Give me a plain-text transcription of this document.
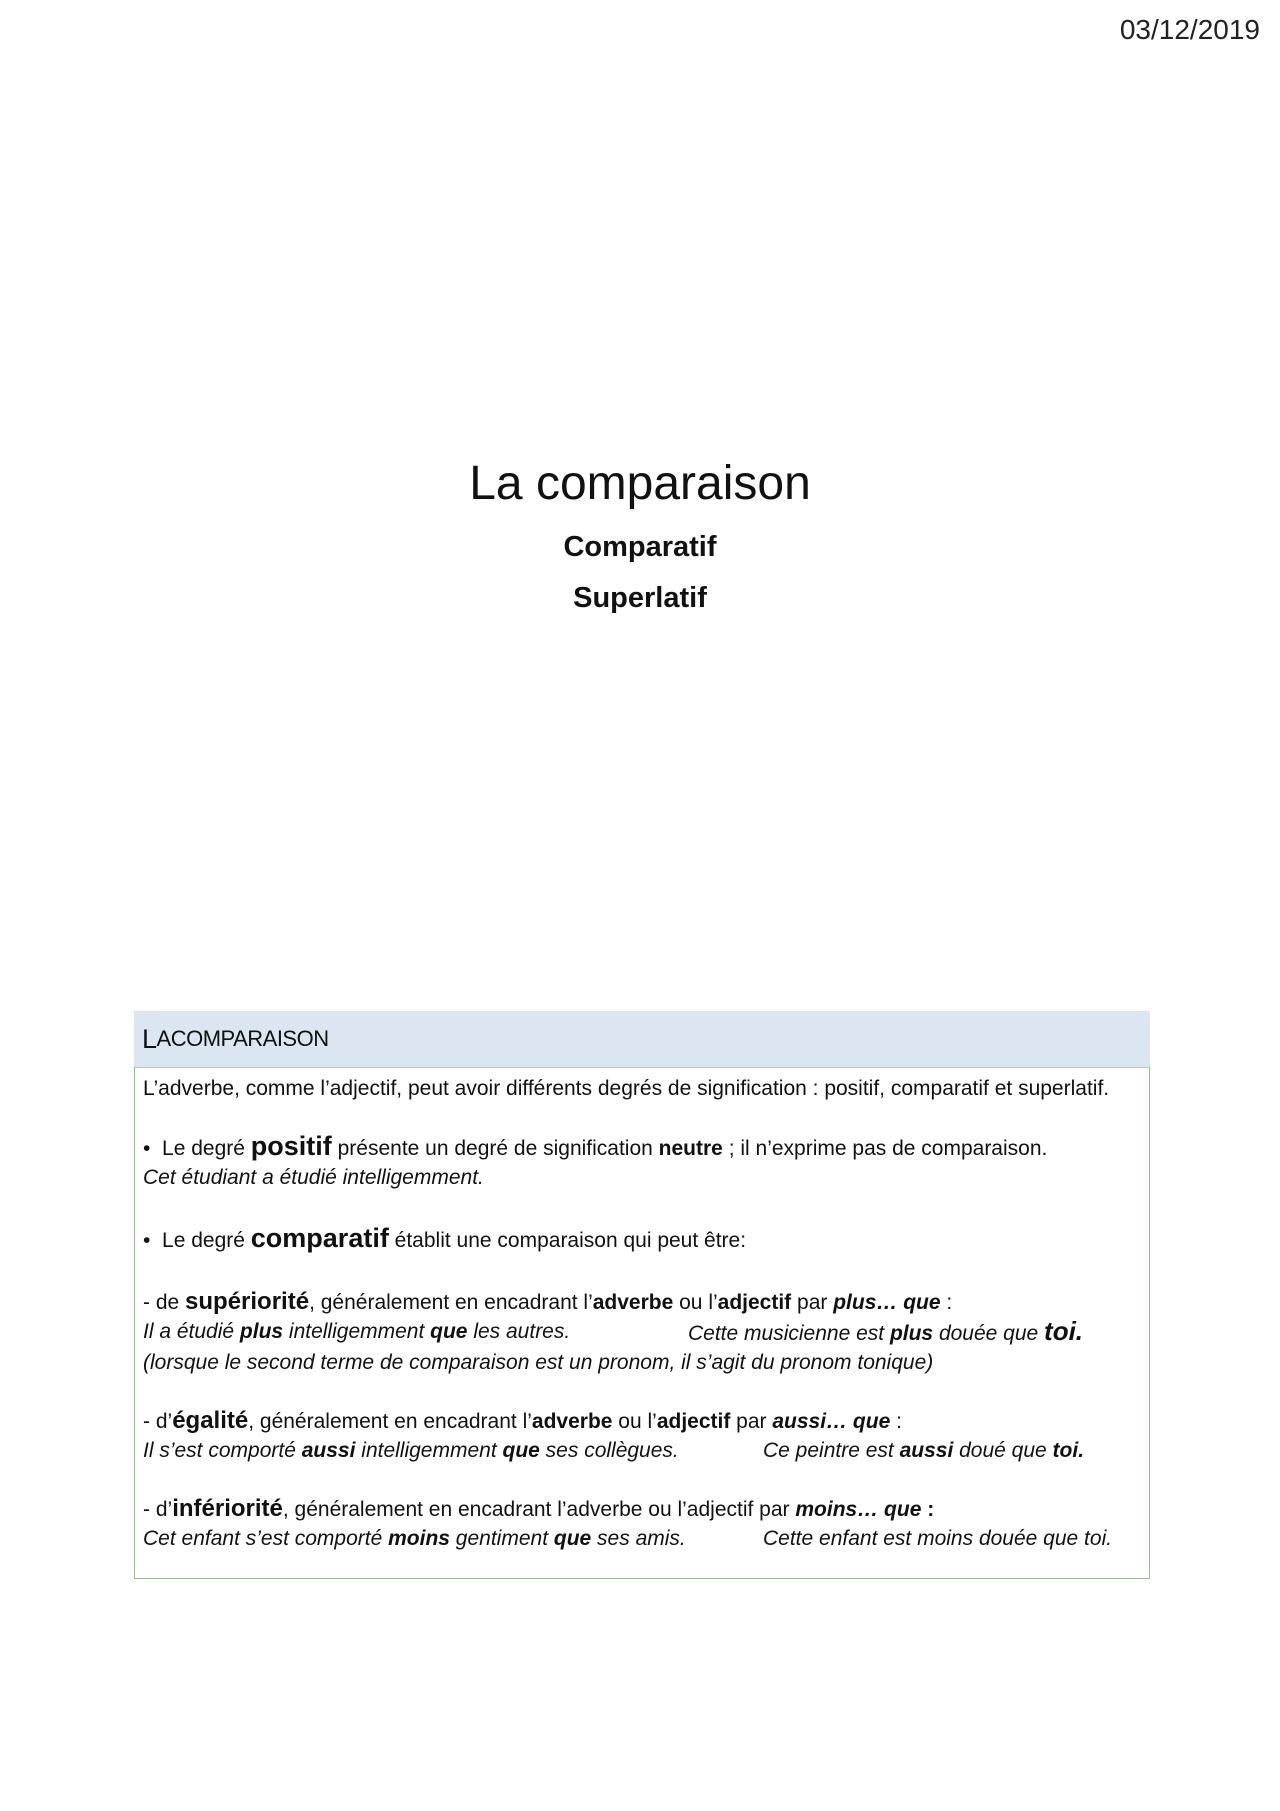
03/12/2019
La comparaison

Comparatif

Superlatif

L A COMPARAISON

L’adverbe, comme l’adjectif, peut avoir différents degrés de signification : positif, comparatif et superlatif.

• Le degré positif présente un degré de signification neutre ; il n’exprime pas de comparaison.

Cet étudiant a étudié intelligemment.

• Le degré comparatif établit une comparaison qui peut être:

- de supériorité, généralement en encadrant l’adverbe ou l’adjectif par plus… que :

Il a étudié plus intelligemment que les autres.	Cette musicienne est plus douée que toi.

(lorsque le second terme de comparaison est un pronom, il s’agit du pronom tonique)

- d’égalité, généralement en encadrant l’adverbe ou l’adjectif par aussi… que :

Il s’est comporté aussi intelligemment que ses collègues.	Ce peintre est aussi doué que toi.

- d’infériorité, généralement en encadrant l’adverbe ou l’adjectif par moins… que :

Cet enfant s’est comporté moins gentiment que ses amis.	Cette enfant est moins douée que toi.
